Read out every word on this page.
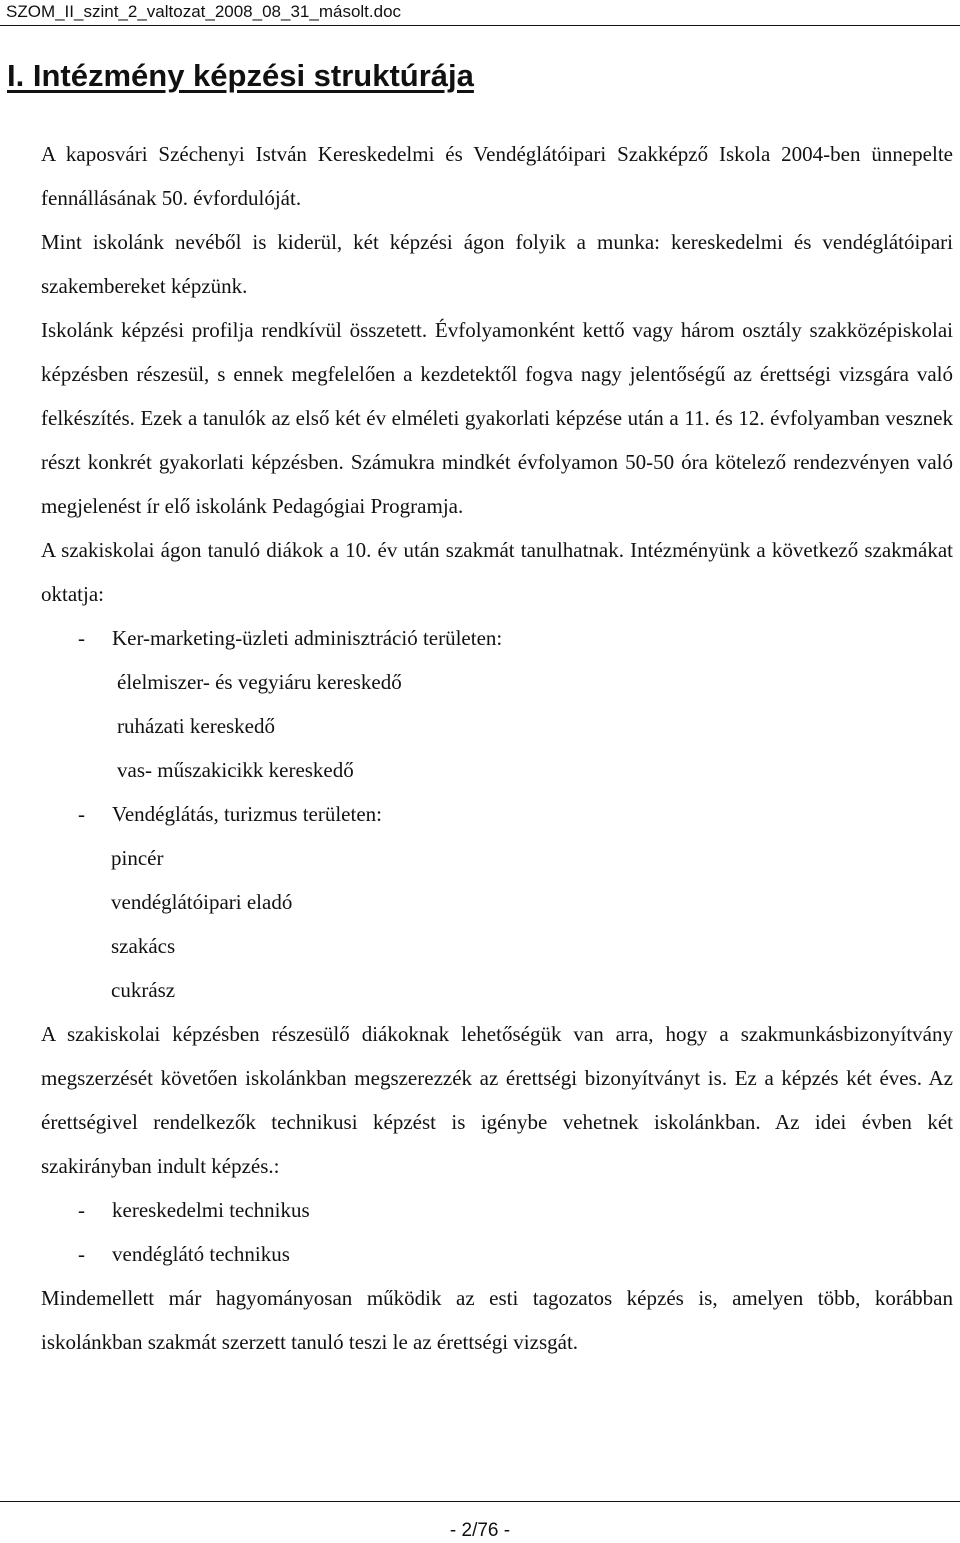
SZOM_II_szint_2_valtozat_2008_08_31_másolt.doc
I. Intézmény képzési struktúrája

A kaposvári Széchenyi István Kereskedelmi és Vendéglátóipari Szakképző Iskola 2004-ben ünnepelte fennállásának 50. évfordulóját.

Mint iskolánk nevéből is kiderül, két képzési ágon folyik a munka: kereskedelmi és vendéglátóipari szakembereket képzünk.

Iskolánk képzési profilja rendkívül összetett. Évfolyamonként kettő vagy három osztály szakközépiskolai képzésben részesül, s ennek megfelelően a kezdetektől fogva nagy jelentőségű az érettségi vizsgára való felkészítés. Ezek a tanulók az első két év elméleti gyakorlati képzése után a 11. és 12. évfolyamban vesznek részt konkrét gyakorlati képzésben. Számukra mindkét évfolyamon 50-50 óra kötelező rendezvényen való megjelenést ír elő iskolánk Pedagógiai Programja.

A szakiskolai ágon tanuló diákok a 10. év után szakmát tanulhatnak. Intézményünk a következő szakmákat oktatja:

- Ker-marketing-üzleti adminisztráció területen:

élelmiszer- és vegyiáru kereskedő

ruházati kereskedő

vas- műszakicikk kereskedő

- Vendéglátás, turizmus területen:

pincér

vendéglátóipari eladó

szakács

cukrász

A szakiskolai képzésben részesülő diákoknak lehetőségük van arra, hogy a szakmunkásbizonyítvány megszerzését követően iskolánkban megszerezzék az érettségi bizonyítványt is. Ez a képzés két éves. Az érettségivel rendelkezők technikusi képzést is igénybe vehetnek iskolánkban. Az idei évben két szakirányban indult képzés.:

- kereskedelmi technikus
- vendéglátó technikus

Mindemellett már hagyományosan működik az esti tagozatos képzés is, amelyen több, korábban iskolánkban szakmát szerzett tanuló teszi le az érettségi vizsgát.

- 2/76 -
